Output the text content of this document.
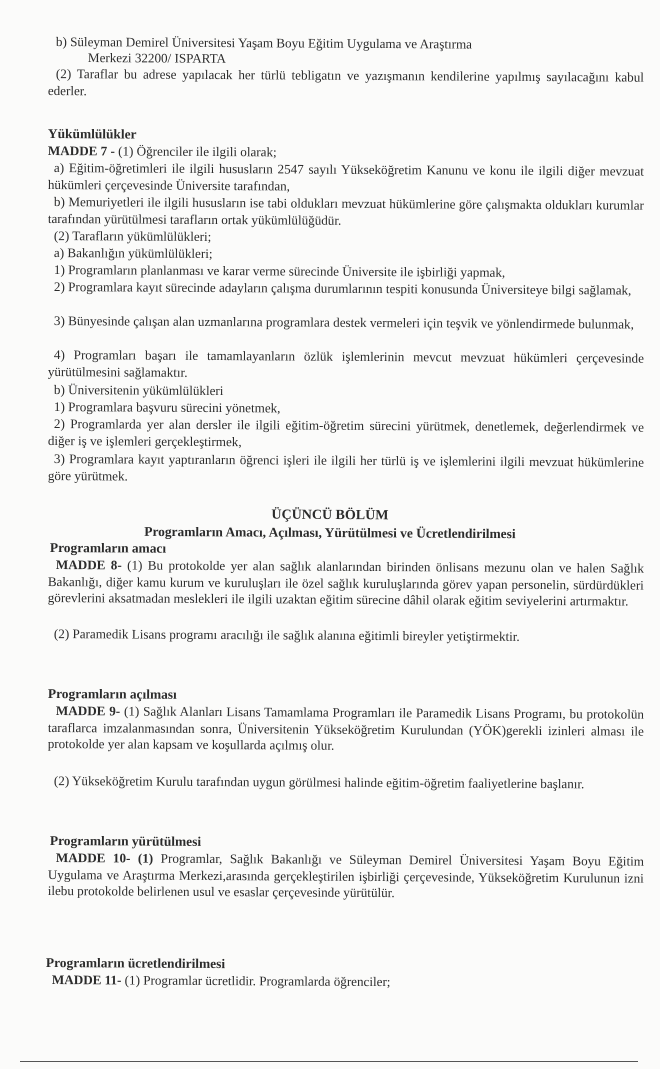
b) Süleyman Demirel Üniversitesi Yaşam Boyu Eğitim Uygulama ve Araştırma
Merkezi 32200/ ISPARTA
(2) Taraflar bu adrese yapılacak her türlü tebligatın ve yazışmanın kendilerine yapılmış sayılacağını kabul ederler.
Yükümlülükler
MADDE 7 - (1) Öğrenciler ile ilgili olarak;
a) Eğitim-öğretimleri ile ilgili hususların 2547 sayılı Yükseköğretim Kanunu ve konu ile ilgili diğer mevzuat hükümleri çerçevesinde Üniversite tarafından,
b) Memuriyetleri ile ilgili hususların ise tabi oldukları mevzuat hükümlerine göre çalışmakta oldukları kurumlar tarafından yürütülmesi tarafların ortak yükümlülüğüdür.
(2) Tarafların yükümlülükleri;
a) Bakanlığın yükümlülükleri;
1) Programların planlanması ve karar verme sürecinde Üniversite ile işbirliği yapmak,
2) Programlara kayıt sürecinde adayların çalışma durumlarının tespiti konusunda Üniversiteye bilgi sağlamak,
3) Bünyesinde çalışan alan uzmanlarına programlara destek vermeleri için teşvik ve yönlendirmede bulunmak,
4) Programları başarı ile tamamlayanların özlük işlemlerinin mevcut mevzuat hükümleri çerçevesinde yürütülmesini sağlamaktır.
b) Üniversitenin yükümlülükleri
1) Programlara başvuru sürecini yönetmek,
2) Programlarda yer alan dersler ile ilgili eğitim-öğretim sürecini yürütmek, denetlemek, değerlendirmek ve diğer iş ve işlemleri gerçekleştirmek,
3) Programlara kayıt yaptıranların öğrenci işleri ile ilgili her türlü iş ve işlemlerini ilgili mevzuat hükümlerine göre yürütmek.
ÜÇÜNCÜ BÖLÜM
Programların Amacı, Açılması, Yürütülmesi ve Ücretlendirilmesi
Programların amacı
MADDE 8- (1) Bu protokolde yer alan sağlık alanlarından birinden önlisans mezunu olan ve halen Sağlık Bakanlığı, diğer kamu kurum ve kuruluşları ile özel sağlık kuruluşlarında görev yapan personelin, sürdürdükleri görevlerini aksatmadan meslekleri ile ilgili uzaktan eğitim sürecine dâhil olarak eğitim seviyelerini artırmaktır.
(2) Paramedik Lisans programı aracılığı ile sağlık alanına eğitimli bireyler yetiştirmektir.
Programların açılması
MADDE 9- (1) Sağlık Alanları Lisans Tamamlama Programları ile Paramedik Lisans Programı, bu protokolün taraflarca imzalanmasından sonra, Üniversitenin Yükseköğretim Kurulundan (YÖK)gerekli izinleri alması ile protokolde yer alan kapsam ve koşullarda açılmış olur.
(2) Yükseköğretim Kurulu tarafından uygun görülmesi halinde eğitim-öğretim faaliyetlerine başlanır.
Programların yürütülmesi
MADDE 10- (1) Programlar, Sağlık Bakanlığı ve Süleyman Demirel Üniversitesi Yaşam Boyu Eğitim Uygulama ve Araştırma Merkezi,arasında gerçekleştirilen işbirliği çerçevesinde, Yükseköğretim Kurulunun izni ilebu protokolde belirlenen usul ve esaslar çerçevesinde yürütülür.
Programların ücretlendirilmesi
MADDE 11- (1) Programlar ücretlidir. Programlarda öğrenciler;
